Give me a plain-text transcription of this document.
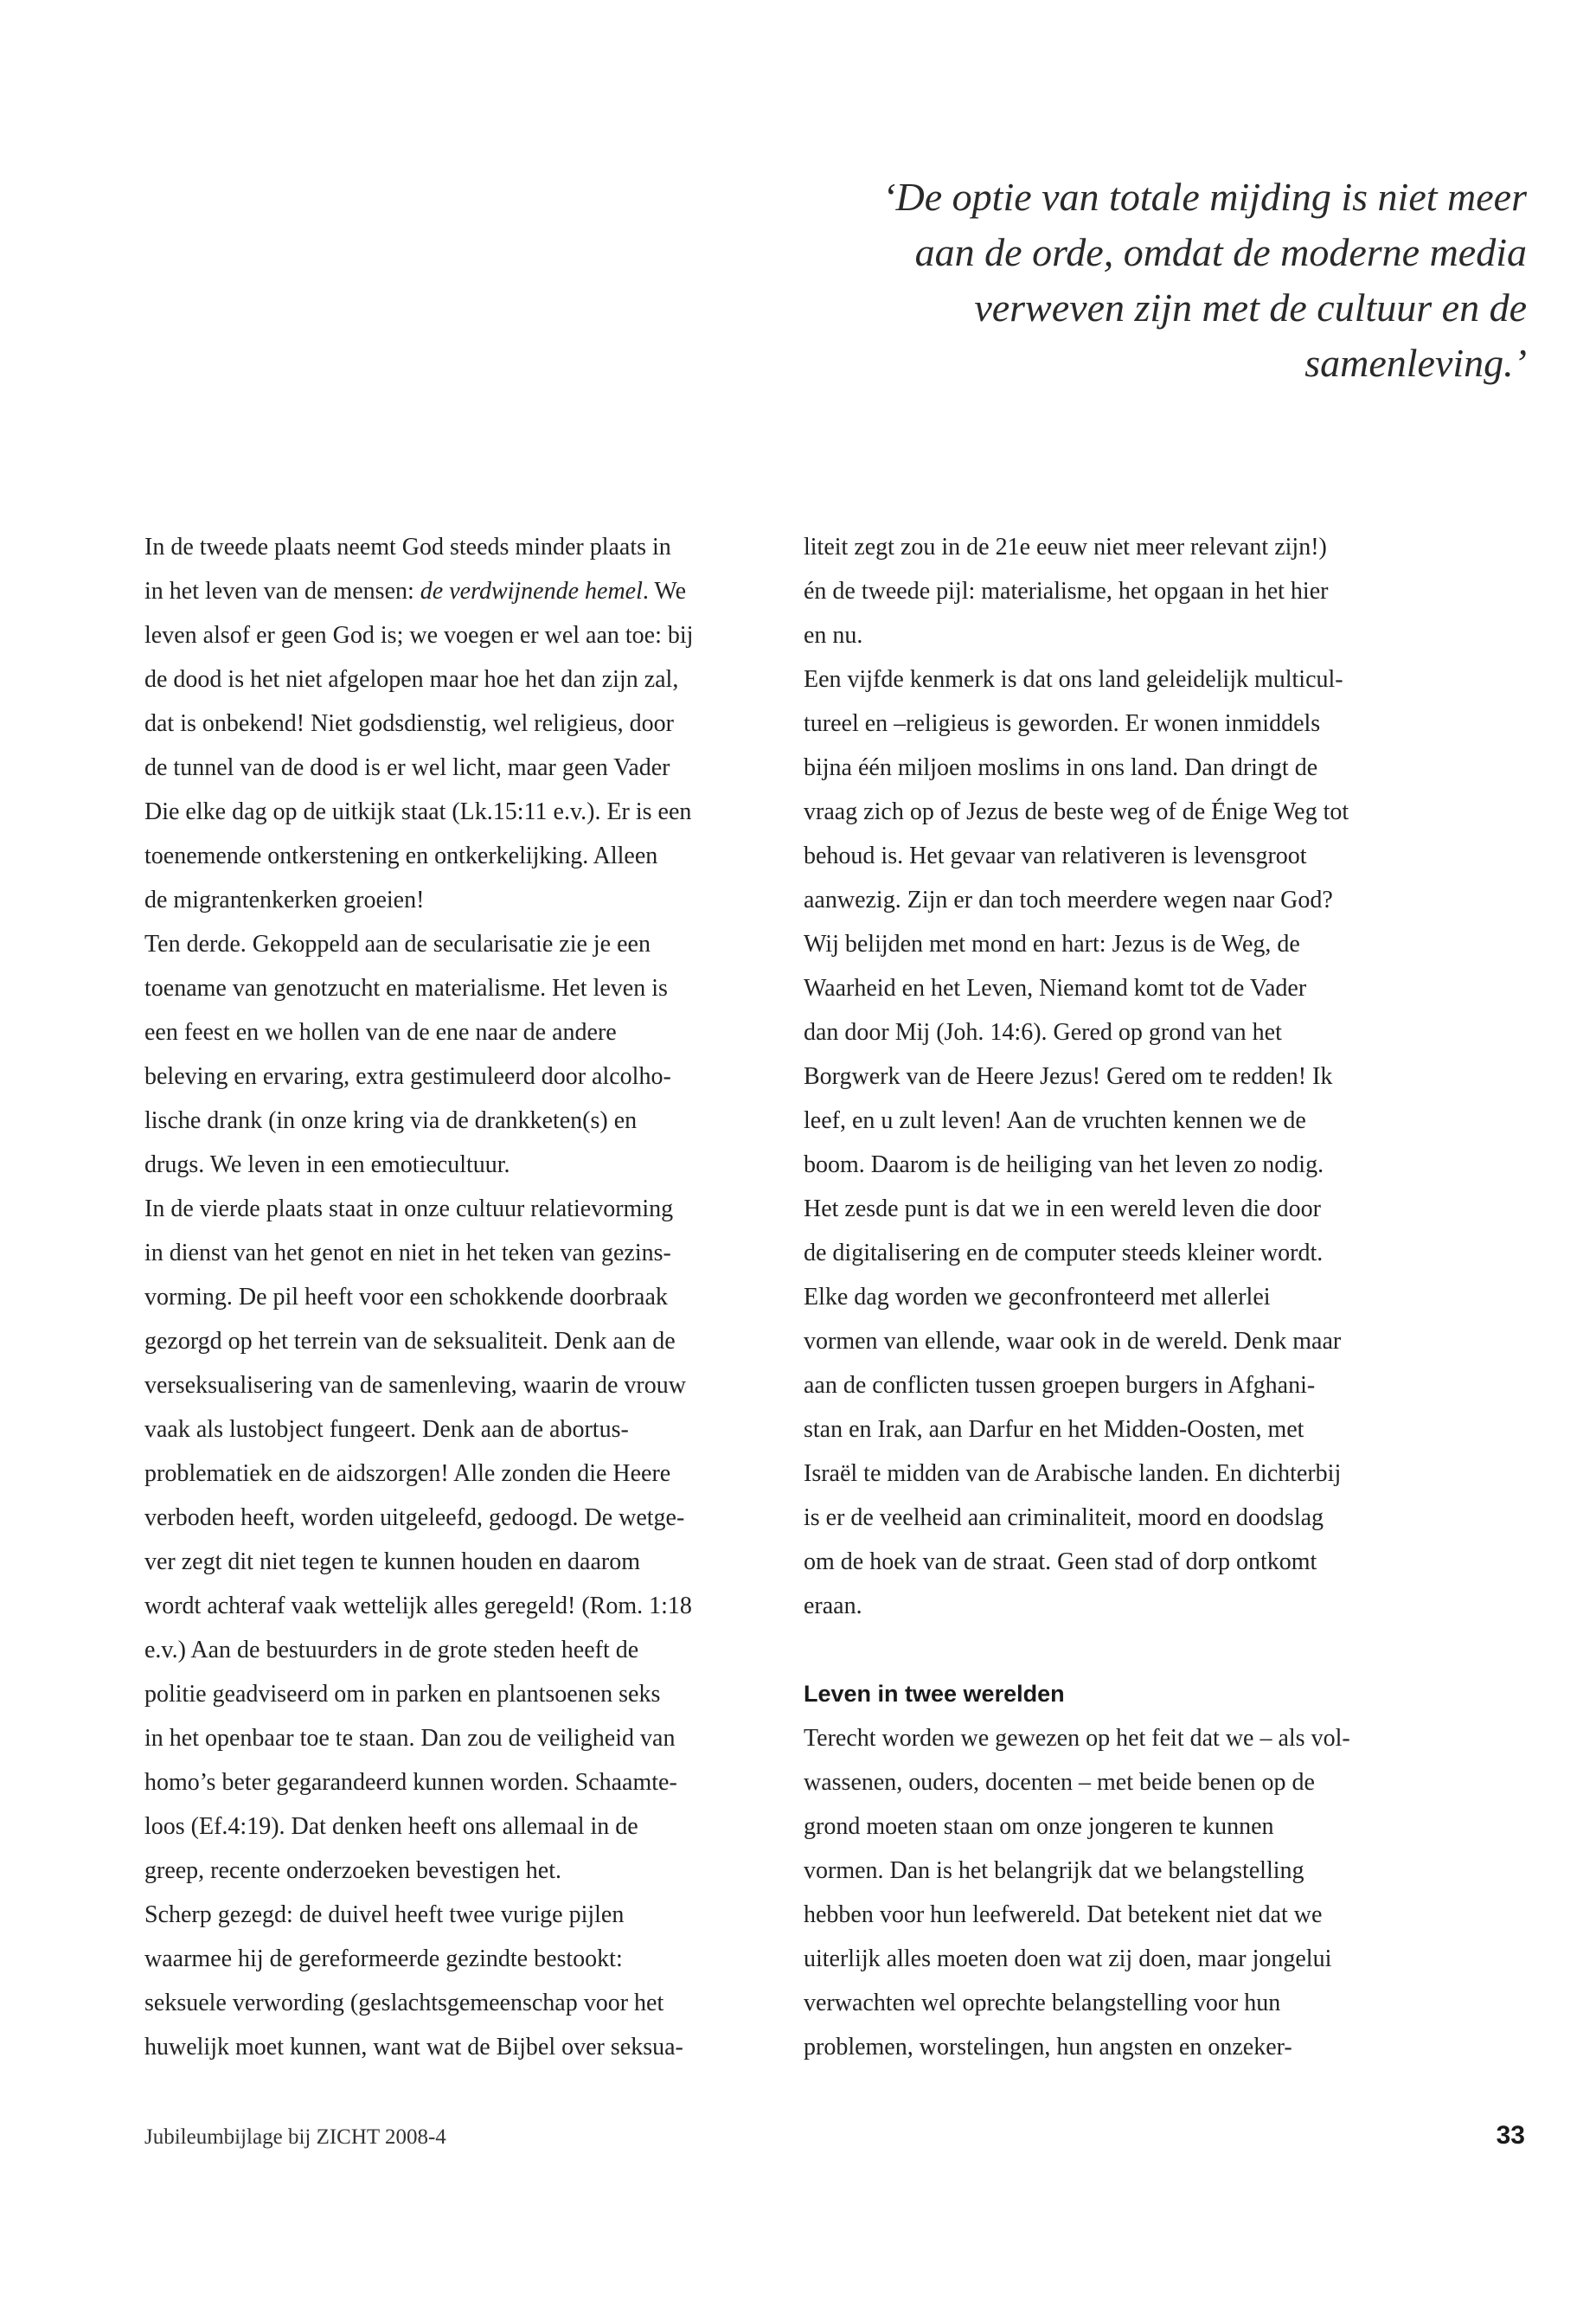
‘De optie van totale mijding is niet meer
aan de orde, omdat de moderne media
verweven zijn met de cultuur en de
samenleving.’
In de tweede plaats neemt God steeds minder plaats in
in het leven van de mensen: de verdwijnende hemel. We
leven alsof er geen God is; we voegen er wel aan toe: bij
de dood is het niet afgelopen maar hoe het dan zijn zal,
dat is onbekend! Niet godsdienstig, wel religieus, door
de tunnel van de dood is er wel licht, maar geen Vader
Die elke dag op de uitkijk staat (Lk.15:11 e.v.). Er is een
toenemende ontkerstening en ontkerkelijking. Alleen
de migrantenkerken groeien!
Ten derde. Gekoppeld aan de secularisatie zie je een
toename van genotzucht en materialisme. Het leven is
een feest en we hollen van de ene naar de andere
beleving en ervaring, extra gestimuleerd door alcolho-
lische drank (in onze kring via de drankketen(s) en
drugs. We leven in een emotiecultuur.
In de vierde plaats staat in onze cultuur relatievorming
in dienst van het genot en niet in het teken van gezins-
vorming. De pil heeft voor een schokkende doorbraak
gezorgd op het terrein van de seksualiteit. Denk aan de
verseksualisering van de samenleving, waarin de vrouw
vaak als lustobject fungeert. Denk aan de abortus-
problematiek en de aidszorgen! Alle zonden die Heere
verboden heeft, worden uitgeleefd, gedoogd. De wetge-
ver zegt dit niet tegen te kunnen houden en daarom
wordt achteraf vaak wettelijk alles geregeld! (Rom. 1:18
e.v.) Aan de bestuurders in de grote steden heeft de
politie geadviseerd om in parken en plantsoenen seks
in het openbaar toe te staan. Dan zou de veiligheid van
homo’s beter gegarandeerd kunnen worden. Schaamte-
loos (Ef.4:19). Dat denken heeft ons allemaal in de
greep, recente onderzoeken bevestigen het.
Scherp gezegd: de duivel heeft twee vurige pijlen
waarmee hij de gereformeerde gezindte bestookt:
seksuele verwording (geslachtsgemeenschap voor het
huwelijk moet kunnen, want wat de Bijbel over seksua-
liteit zegt zou in de 21e eeuw niet meer relevant zijn!)
én de tweede pijl: materialisme, het opgaan in het hier
en nu.
Een vijfde kenmerk is dat ons land geleidelijk multicul-
tureel en –religieus is geworden. Er wonen inmiddels
bijna één miljoen moslims in ons land. Dan dringt de
vraag zich op of Jezus de beste weg of de Énige Weg tot
behoud is. Het gevaar van relativeren is levensgroot
aanwezig. Zijn er dan toch meerdere wegen naar God?
Wij belijden met mond en hart: Jezus is de Weg, de
Waarheid en het Leven, Niemand komt tot de Vader
dan door Mij (Joh. 14:6). Gered op grond van het
Borgwerk van de Heere Jezus! Gered om te redden! Ik
leef, en u zult leven! Aan de vruchten kennen we de
boom. Daarom is de heiliging van het leven zo nodig.
Het zesde punt is dat we in een wereld leven die door
de digitalisering en de computer steeds kleiner wordt.
Elke dag worden we geconfronteerd met allerlei
vormen van ellende, waar ook in de wereld. Denk maar
aan de conflicten tussen groepen burgers in Afghani-
stan en Irak, aan Darfur en het Midden-Oosten, met
Israël te midden van de Arabische landen. En dichterbij
is er de veelheid aan criminaliteit, moord en doodslag
om de hoek van de straat. Geen stad of dorp ontkomt
eraan.
Leven in twee werelden
Terecht worden we gewezen op het feit dat we – als vol-
wassenen, ouders, docenten – met beide benen op de
grond moeten staan om onze jongeren te kunnen
vormen. Dan is het belangrijk dat we belangstelling
hebben voor hun leefwereld. Dat betekent niet dat we
uiterlijk alles moeten doen wat zij doen, maar jongelui
verwachten wel oprechte belangstelling voor hun
problemen, worstelingen, hun angsten en onzeker-
Jubileumbijlage bij ZICHT 2008-4	33
